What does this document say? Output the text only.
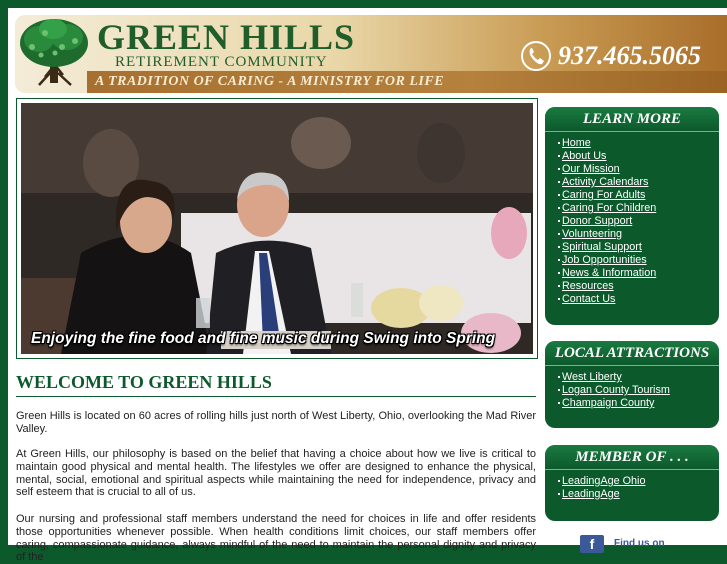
GREEN HILLS
RETIREMENT COMMUNITY
A TRADITION OF CARING - A MINISTRY FOR LIFE
937.465.5065
Enjoying the fine food and fine music during Swing into Spring
WELCOME TO GREEN HILLS

Green Hills is located on 60 acres of rolling hills just north of West Liberty, Ohio, overlooking the Mad River Valley.

At Green Hills, our philosophy is based on the belief that having a choice about how we live is critical to maintain good physical and mental health. The lifestyles we offer are designed to enhance the physical, mental, social, emotional and spiritual aspects while maintaining the need for independence, privacy and self esteem that is crucial to all of us.

Our nursing and professional staff members understand the need for choices in life and offer residents those opportunities whenever possible. When health conditions limit choices, our staff members offer caring, compassionate guidance, always mindful of the need to maintain the personal dignity and privacy of the

LEARN MORE
Home
About Us
Our Mission
Activity Calendars
Caring For Adults
Caring For Children
Donor Support
Volunteering
Spiritual Support
Job Opportunities
News & Information
Resources
Contact Us
LOCAL ATTRACTIONS
West Liberty
Logan County Tourism
Champaign County
MEMBER OF . . .
LeadingAge Ohio
LeadingAge
f	Find us on
